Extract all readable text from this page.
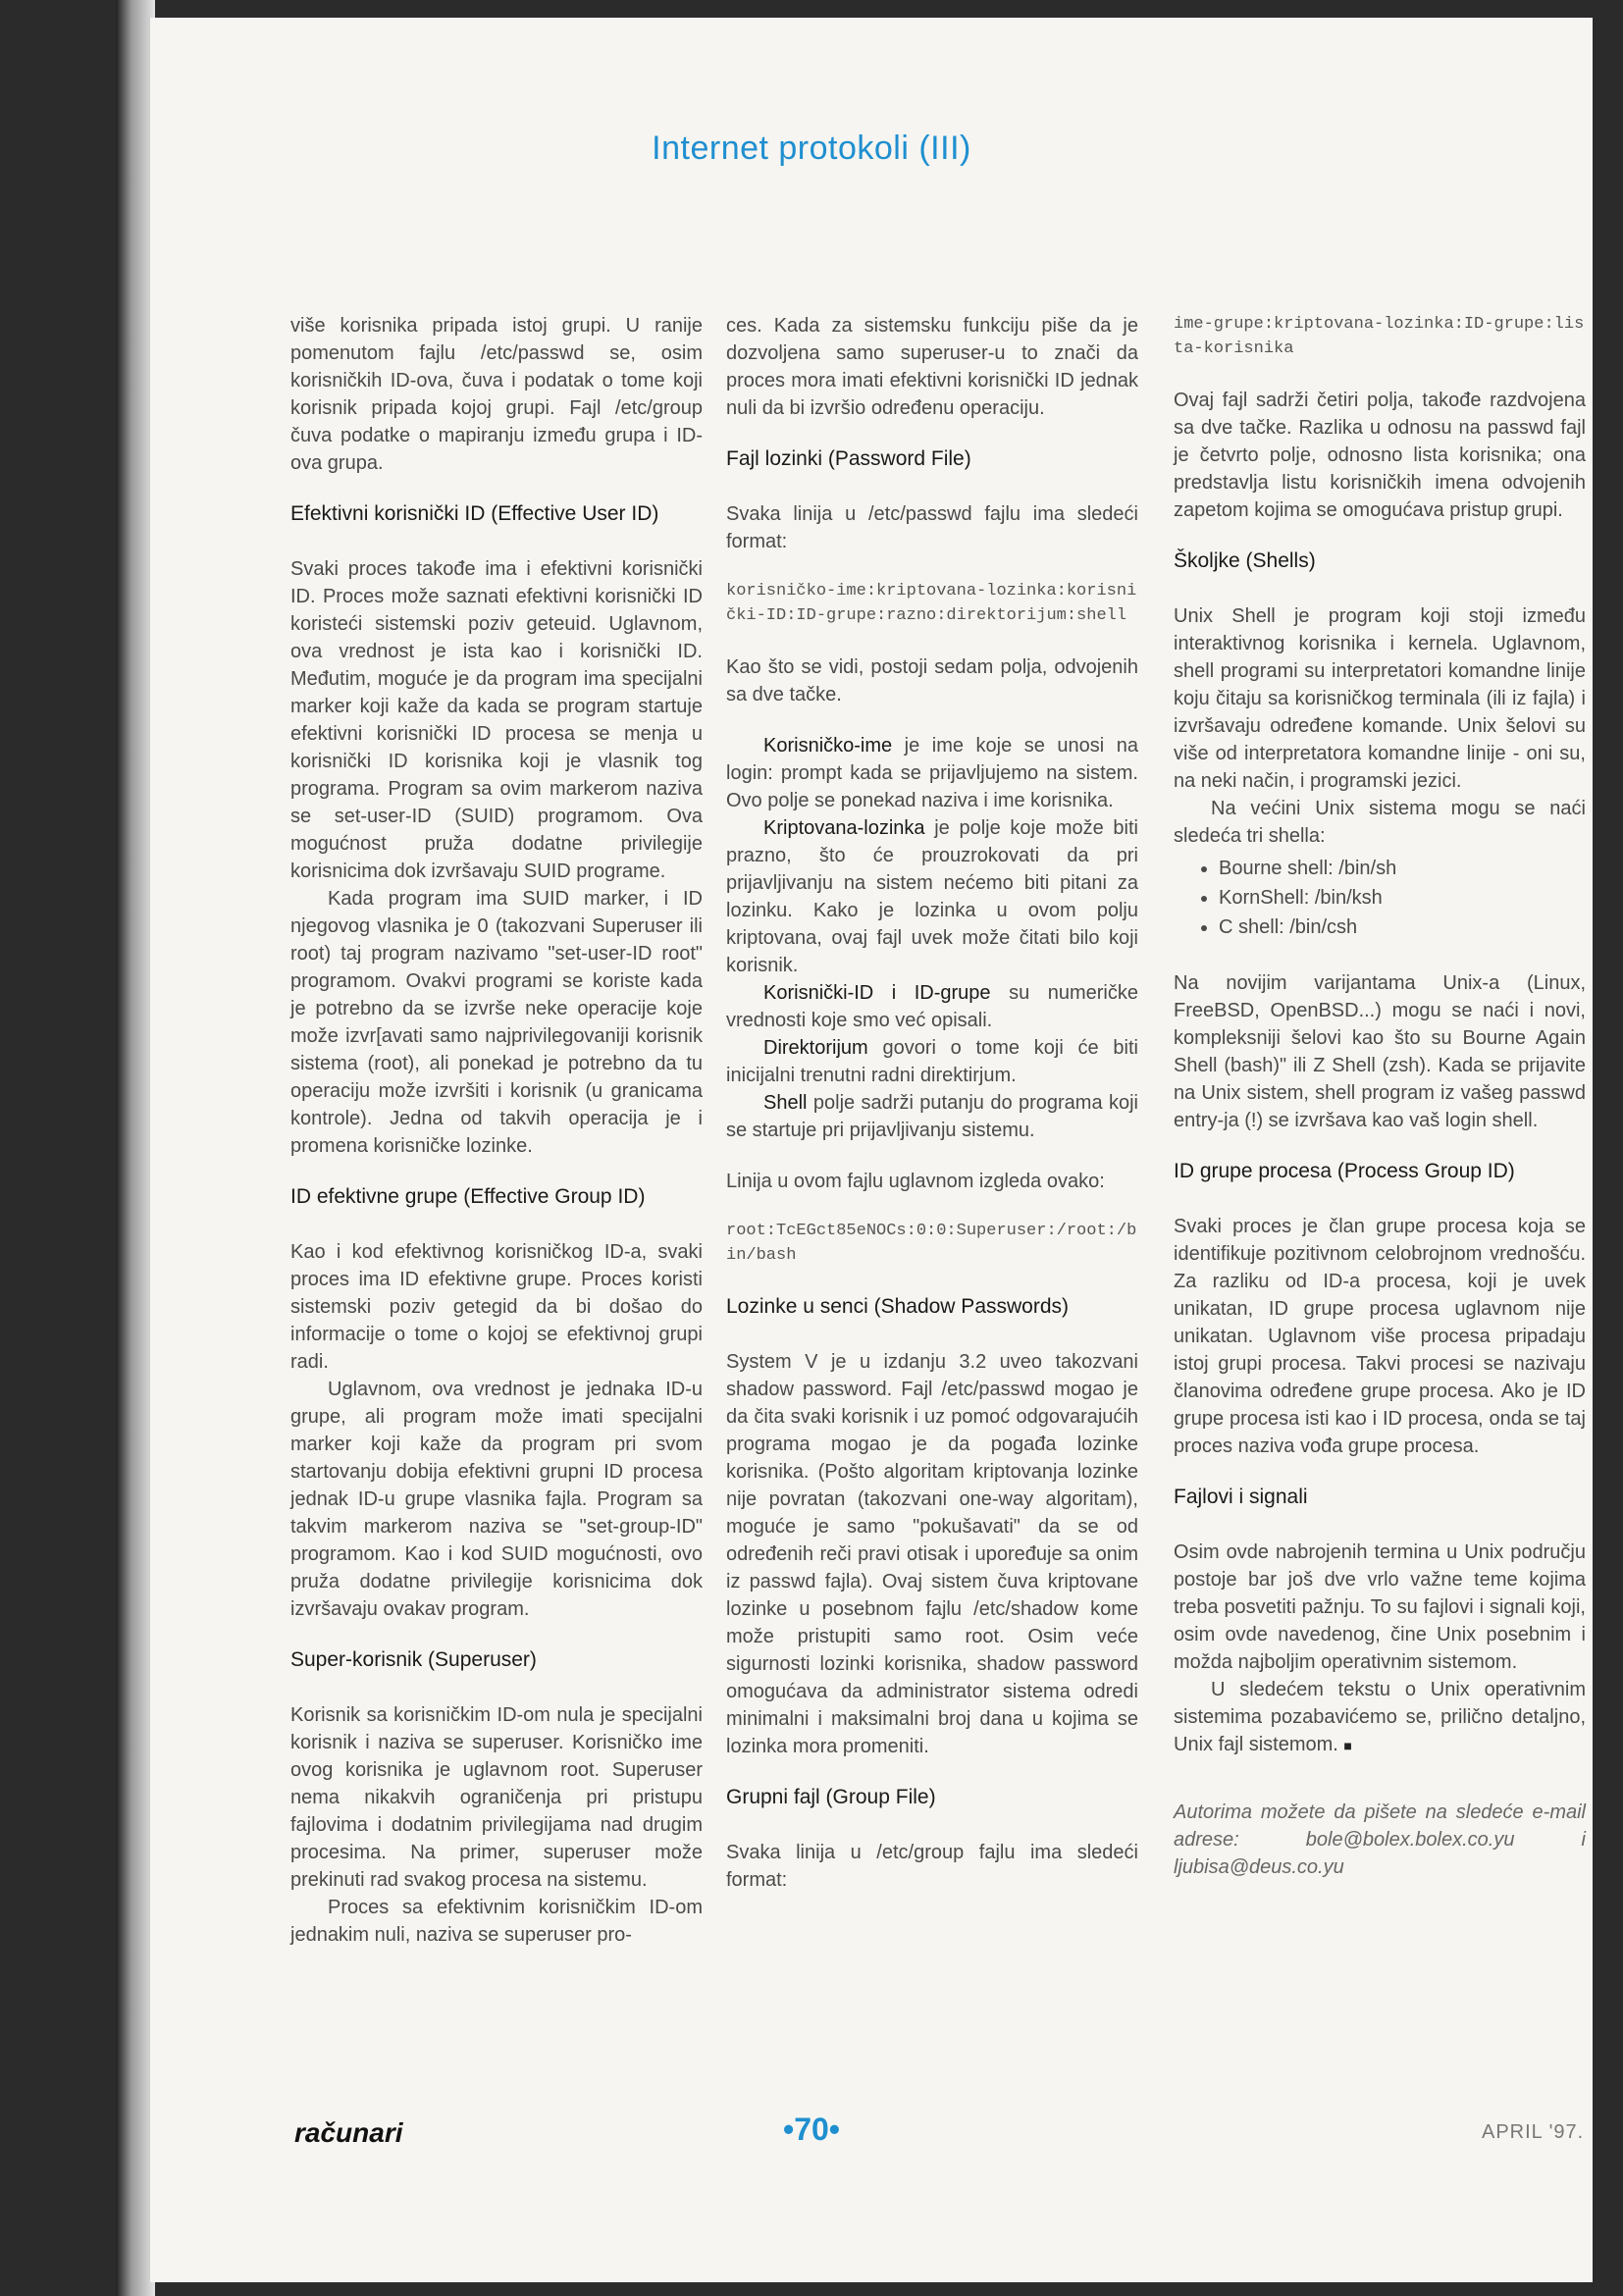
Internet protokoli (III)

više korisnika pripada istoj grupi. U ranije pomenutom fajlu /etc/passwd se, osim korisničkih ID-ova, čuva i podatak o tome koji korisnik pripada kojoj grupi. Fajl /etc/group čuva podatke o mapiranju između grupa i ID-ova grupa.

Efektivni korisnički ID (Effective User ID)

Svaki proces takođe ima i efektivni korisnički ID. Proces može saznati efektivni korisnički ID koristeći sistemski poziv geteuid. Uglavnom, ova vrednost je ista kao i korisnički ID. Međutim, moguće je da program ima specijalni marker koji kaže da kada se program startuje efektivni korisnički ID procesa se menja u korisnički ID korisnika koji je vlasnik tog programa. Program sa ovim markerom naziva se set-user-ID (SUID) programom. Ova mogućnost pruža dodatne privilegije korisnicima dok izvršavaju SUID programe.

Kada program ima SUID marker, i ID njegovog vlasnika je 0 (takozvani Superuser ili root) taj program nazivamo "set-user-ID root" programom. Ovakvi programi se koriste kada je potrebno da se izvrše neke operacije koje može izvr[avati samo najprivilegovaniji korisnik sistema (root), ali ponekad je potrebno da tu operaciju može izvršiti i korisnik (u granicama kontrole). Jedna od takvih operacija je i promena korisničke lozinke.

ID efektivne grupe (Effective Group ID)

Kao i kod efektivnog korisničkog ID-a, svaki proces ima ID efektivne grupe. Proces koristi sistemski poziv getegid da bi došao do informacije o tome o kojoj se efektivnoj grupi radi.

Uglavnom, ova vrednost je jednaka ID-u grupe, ali program može imati specijalni marker koji kaže da program pri svom startovanju dobija efektivni grupni ID procesa jednak ID-u grupe vlasnika fajla. Program sa takvim markerom naziva se "set-group-ID" programom. Kao i kod SUID mogućnosti, ovo pruža dodatne privilegije korisnicima dok izvršavaju ovakav program.

Super-korisnik (Superuser)

Korisnik sa korisničkim ID-om nula je specijalni korisnik i naziva se superuser. Korisničko ime ovog korisnika je uglavnom root. Superuser nema nikakvih ograničenja pri pristupu fajlovima i dodatnim privilegijama nad drugim procesima. Na primer, superuser može prekinuti rad svakog procesa na sistemu.

Proces sa efektivnim korisničkim ID-om jednakim nuli, naziva se superuser pro-

ces. Kada za sistemsku funkciju piše da je dozvoljena samo superuser-u to znači da proces mora imati efektivni korisnički ID jednak nuli da bi izvršio određenu operaciju.

Fajl lozinki (Password File)

Svaka linija u /etc/passwd fajlu ima sledeći format:

korisničko-ime:kriptovana-lozinka:korisnički-ID:ID-grupe:razno:direktorijum:shell

Kao što se vidi, postoji sedam polja, odvojenih sa dve tačke.

Korisničko-ime je ime koje se unosi na login: prompt kada se prijavljujemo na sistem. Ovo polje se ponekad naziva i ime korisnika.

Kriptovana-lozinka je polje koje može biti prazno, što će prouzrokovati da pri prijavljivanju na sistem nećemo biti pitani za lozinku. Kako je lozinka u ovom polju kriptovana, ovaj fajl uvek može čitati bilo koji korisnik.

Korisnički-ID i ID-grupe su numeričke vrednosti koje smo već opisali.

Direktorijum govori o tome koji će biti inicijalni trenutni radni direktirjum.

Shell polje sadrži putanju do programa koji se startuje pri prijavljivanju sistemu.

Linija u ovom fajlu uglavnom izgleda ovako:

root:TcEGct85eNOCs:0:0:Superuser:/root:/bin/bash
Lozinke u senci (Shadow Passwords)

System V je u izdanju 3.2 uveo takozvani shadow password. Fajl /etc/passwd mogao je da čita svaki korisnik i uz pomoć odgovarajućih programa mogao je da pogađa lozinke korisnika. (Pošto algoritam kriptovanja lozinke nije povratan (takozvani one-way algoritam), moguće je samo "pokušavati" da se od određenih reči pravi otisak i upoređuje sa onim iz passwd fajla). Ovaj sistem čuva kriptovane lozinke u posebnom fajlu /etc/shadow kome može pristupiti samo root. Osim veće sigurnosti lozinki korisnika, shadow password omogućava da administrator sistema odredi minimalni i maksimalni broj dana u kojima se lozinka mora promeniti.

Grupni fajl (Group File)

Svaka linija u /etc/group fajlu ima sledeći format:

ime-grupe:kriptovana-lozinka:ID-grupe:lista-korisnika

Ovaj fajl sadrži četiri polja, takođe razdvojena sa dve tačke. Razlika u odnosu na passwd fajl je četvrto polje, odnosno lista korisnika; ona predstavlja listu korisničkih imena odvojenih zapetom kojima se omogućava pristup grupi.

Školjke (Shells)

Unix Shell je program koji stoji između interaktivnog korisnika i kernela. Uglavnom, shell programi su interpretatori komandne linije koju čitaju sa korisničkog terminala (ili iz fajla) i izvršavaju određene komande. Unix šelovi su više od interpretatora komandne linije - oni su, na neki način, i programski jezici.

Na većini Unix sistema mogu se naći sledeća tri shella:

• Bourne shell: /bin/sh
• KornShell: /bin/ksh
• C shell: /bin/csh

Na novijim varijantama Unix-a (Linux, FreeBSD, OpenBSD...) mogu se naći i novi, kompleksniji šelovi kao što su Bourne Again Shell (bash)" ili Z Shell (zsh). Kada se prijavite na Unix sistem, shell program iz vašeg passwd entry-ja (!) se izvršava kao vaš login shell.

ID grupe procesa (Process Group ID)

Svaki proces je član grupe procesa koja se identifikuje pozitivnom celobrojnom vrednošću. Za razliku od ID-a procesa, koji je uvek unikatan, ID grupe procesa uglavnom nije unikatan. Uglavnom više procesa pripadaju istoj grupi procesa. Takvi procesi se nazivaju članovima određene grupe procesa. Ako je ID grupe procesa isti kao i ID procesa, onda se taj proces naziva vođa grupe procesa.

Fajlovi i signali

Osim ovde nabrojenih termina u Unix području postoje bar još dve vrlo važne teme kojima treba posvetiti pažnju. To su fajlovi i signali koji, osim ovde navedenog, čine Unix posebnim i možda najboljim operativnim sistemom.

U sledećem tekstu o Unix operativnim sistemima pozabavićemo se, prilično detaljno, Unix fajl sistemom. ■

Autorima možete da pišete na sledeće e-mail adrese: bole@bolex.bolex.co.yu i ljubisa@deus.co.yu

računari	•70•	APRIL '97.
